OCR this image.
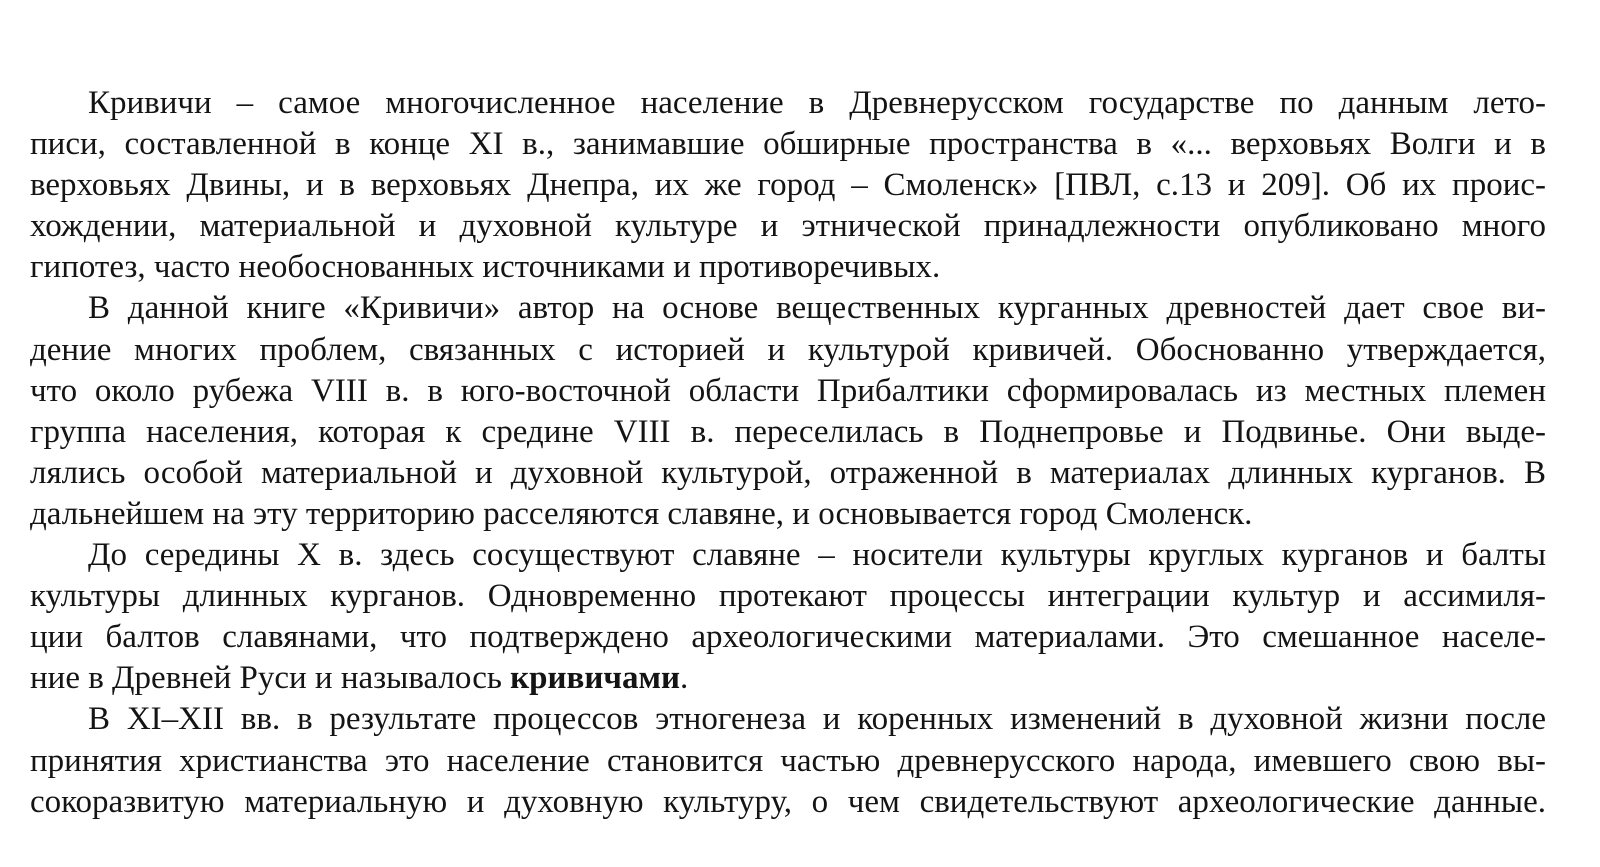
Кривичи – самое многочисленное население в Древнерусском государстве по данным лето-
писи, составленной в конце XI в., занимавшие обширные пространства в «... верховьях Волги и в
верховьях Двины, и в верховьях Днепра, их же город – Смоленск» [ПВЛ, с.13 и 209]. Об их проис-
хождении, материальной и духовной культуре и этнической принадлежности опубликовано много
гипотез, часто необоснованных источниками и противоречивых.
В данной книге «Кривичи» автор на основе вещественных курганных древностей дает свое ви-
дение многих проблем, связанных с историей и культурой кривичей. Обоснованно утверждается,
что около рубежа VIII в. в юго-восточной области Прибалтики сформировалась из местных племен
группа населения, которая к средине VIII в. переселилась в Поднепровье и Подвинье. Они выде-
лялись особой материальной и духовной культурой, отраженной в материалах длинных курганов. В
дальнейшем на эту территорию расселяются славяне, и основывается город Смоленск.
До середины X в. здесь сосуществуют славяне – носители культуры круглых курганов и балты
культуры длинных курганов. Одновременно протекают процессы интеграции культур и ассимиля-
ции балтов славянами, что подтверждено археологическими материалами. Это смешанное населе-
ние в Древней Руси и называлось кривичами.
В XI–XII вв. в результате процессов этногенеза и коренных изменений в духовной жизни после
принятия христианства это население становится частью древнерусского народа, имевшего свою вы-
сокоразвитую материальную и духовную культуру, о чем свидетельствуют археологические данные.
